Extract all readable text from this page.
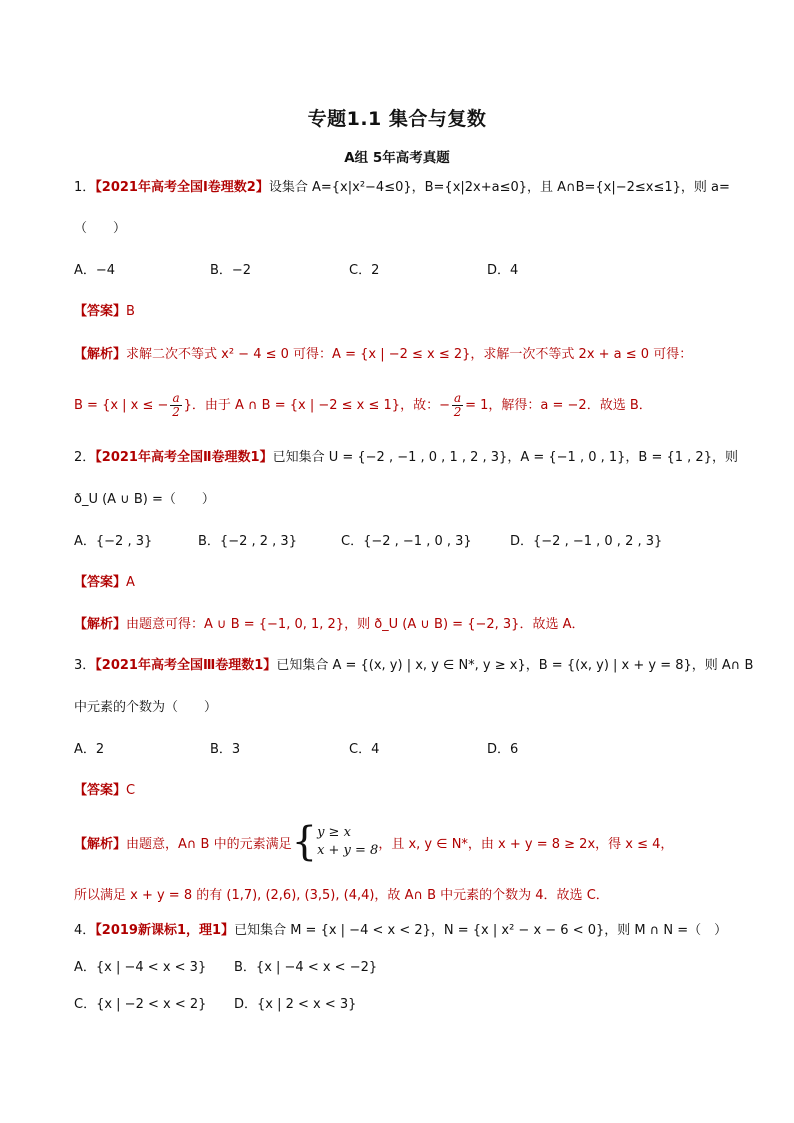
专题1.1 集合与复数
A组 5年高考真题
1．【2021年高考全国Ⅰ卷理数2】设集合 A={x|x²−4≤0}，B={x|2x+a≤0}，且 A∩B={x|−2≤x≤1}，则 a=
（　　）
A．−4	B．−2	C．2	D．4
【答案】B
【解析】求解二次不等式 x² − 4 ≤ 0 可得：A = {x | −2 ≤ x ≤ 2}，求解一次不等式 2x + a ≤ 0 可得：
B = {x | x ≤ − $\frac{a}{2}$ }．由于 A ∩ B = {x | −2 ≤ x ≤ 1}，故：− $\frac{a}{2} = 1$，解得：a = −2．故选 B．
2．【2021年高考全国Ⅱ卷理数1】已知集合 U = {−2 , −1 , 0 , 1 , 2 , 3}，A = {−1 , 0 , 1}，B = {1 , 2}，则
ð_U (A ∪ B) =（　　）
A．{−2 , 3}	B．{−2 , 2 , 3}	C．{−2 , −1 , 0 , 3}	D．{−2 , −1 , 0 , 2 , 3}
【答案】A
【解析】由题意可得：A ∪ B = {−1, 0, 1, 2}，则 ð_U (A ∪ B) = {−2, 3}．故选 A．
3．【2021年高考全国Ⅲ卷理数1】已知集合 A = {(x, y) | x, y ∈ N*, y ≥ x}，B = {(x, y) | x + y = 8}，则 A∩ B
中元素的个数为（　　）
A．2	B．3	C．4	D．6
【答案】C
【解析】 由题意，A∩ B 中的元素满足 { y ≥ x
x + y = 8 ，且 x, y ∈ N*，由 x + y = 8 ≥ 2x，得 x ≤ 4，
所以满足 x + y = 8 的有 (1,7), (2,6), (3,5), (4,4)，故 A∩ B 中元素的个数为 4．故选 C．
4．【2019新课标1，理1】已知集合 M = {x | −4 < x < 2}，N = {x | x² − x − 6 < 0}，则 M ∩ N =（　）
A．{x | −4 < x < 3} B．{x | −4 < x < −2}
C．{x | −2 < x < 2} D．{x | 2 < x < 3}
